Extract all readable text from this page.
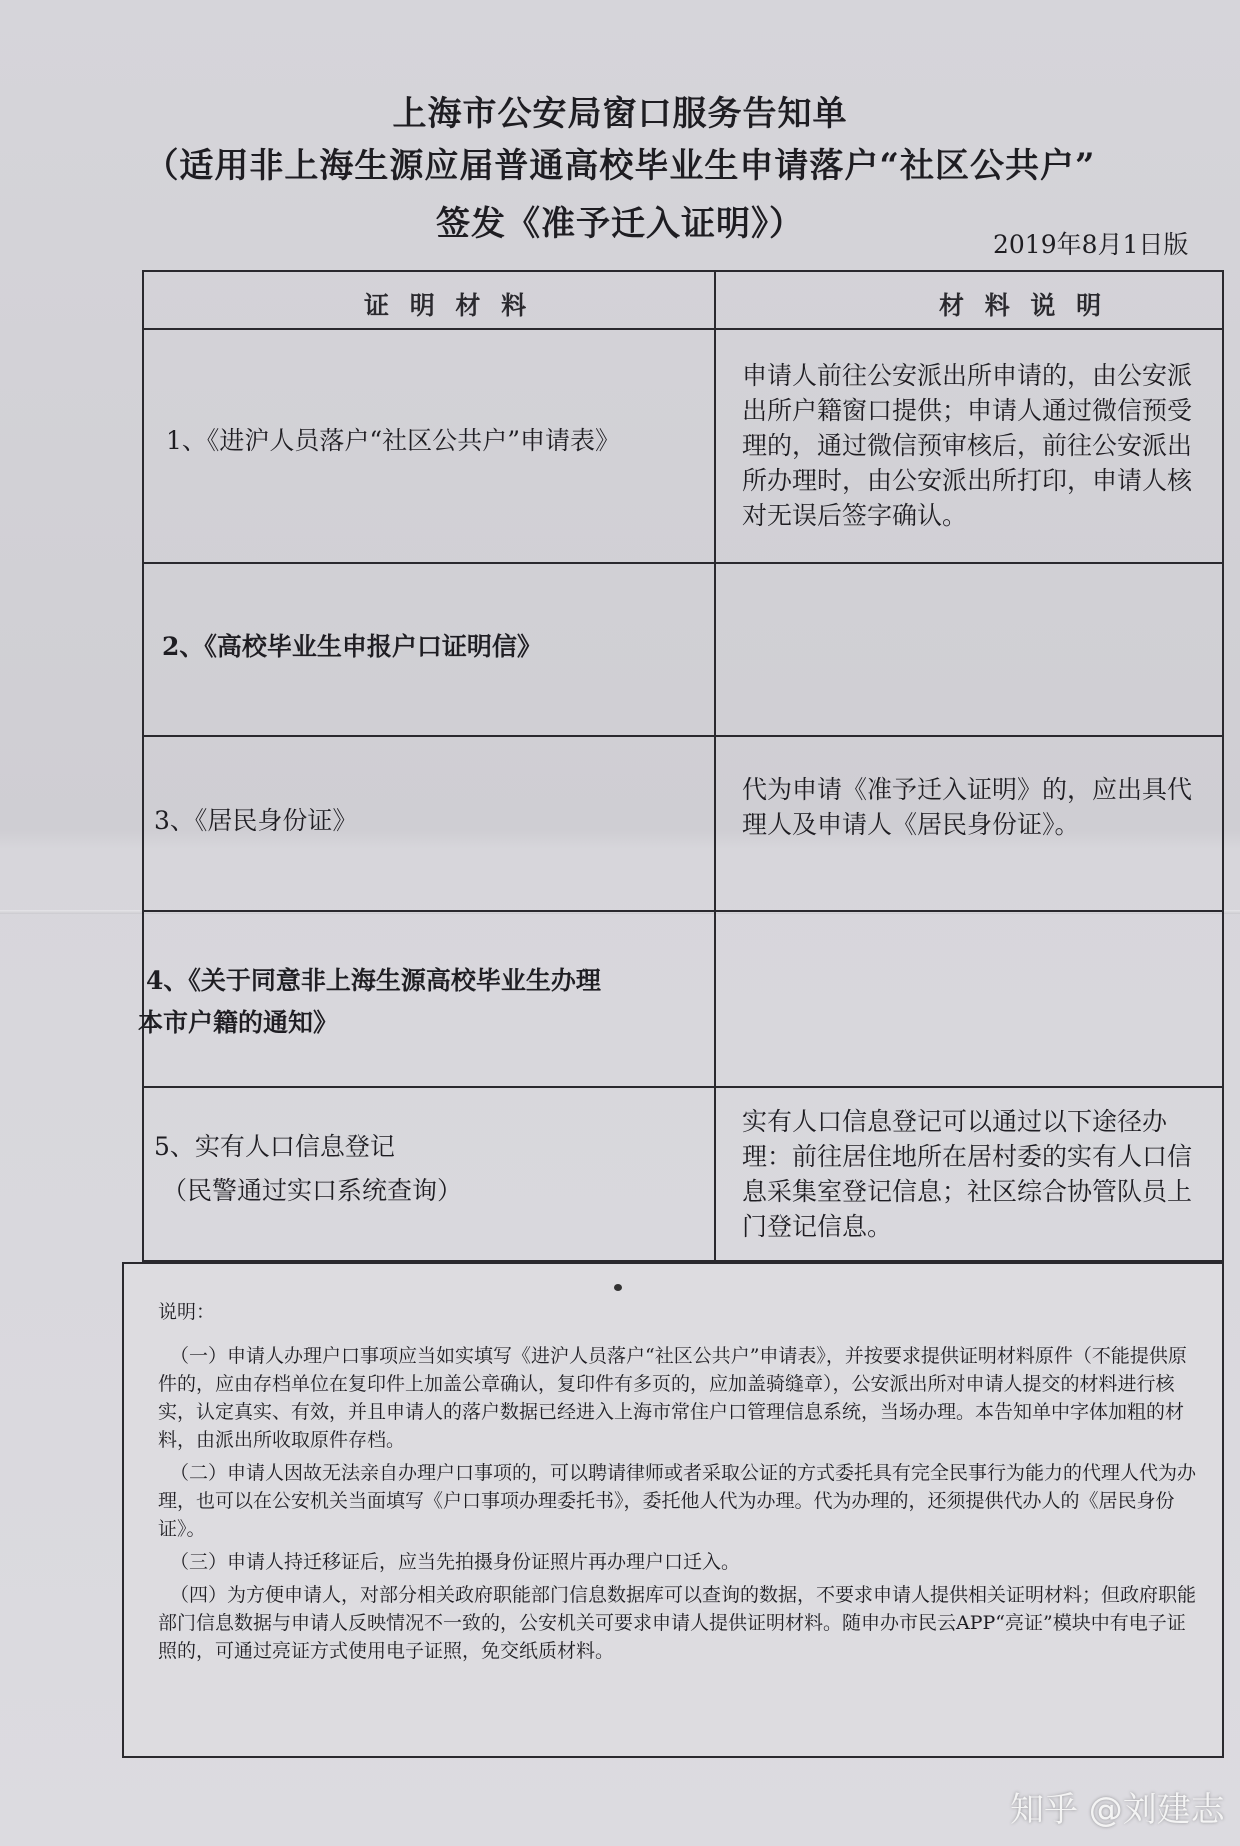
上海市公安局窗口服务告知单
（适用非上海生源应届普通高校毕业生申请落户“社区公共户”
签发《准予迁入证明》）
2019年8月1日版
证 明 材 料	材 料 说 明
1、《进沪人员落户“社区公共户”申请表》
申请人前往公安派出所申请的，由公安派出所户籍窗口提供；申请人通过微信预受理的，通过微信预审核后，前往公安派出所办理时，由公安派出所打印，申请人核对无误后签字确认。
2、《高校毕业生申报户口证明信》
3、《居民身份证》
代为申请《准予迁入证明》的，应出具代理人及申请人《居民身份证》。
4、《关于同意非上海生源高校毕业生办理
本市户籍的通知》
5、实有人口信息登记
（民警通过实口系统查询）
实有人口信息登记可以通过以下途径办理：前往居住地所在居村委的实有人口信息采集室登记信息；社区综合协管队员上门登记信息。

说明：

（一）申请人办理户口事项应当如实填写《进沪人员落户“社区公共户”申请表》，并按要求提供证明材料原件（不能提供原件的，应由存档单位在复印件上加盖公章确认，复印件有多页的，应加盖骑缝章），公安派出所对申请人提交的材料进行核实，认定真实、有效，并且申请人的落户数据已经进入上海市常住户口管理信息系统，当场办理。本告知单中字体加粗的材料，由派出所收取原件存档。

（二）申请人因故无法亲自办理户口事项的，可以聘请律师或者采取公证的方式委托具有完全民事行为能力的代理人代为办理，也可以在公安机关当面填写《户口事项办理委托书》，委托他人代为办理。代为办理的，还须提供代办人的《居民身份证》。

（三）申请人持迁移证后，应当先拍摄身份证照片再办理户口迁入。

（四）为方便申请人，对部分相关政府职能部门信息数据库可以查询的数据，不要求申请人提供相关证明材料；但政府职能部门信息数据与申请人反映情况不一致的，公安机关可要求申请人提供证明材料。随申办市民云APP“亮证”模块中有电子证照的，可通过亮证方式使用电子证照，免交纸质材料。

知乎 @刘建志
